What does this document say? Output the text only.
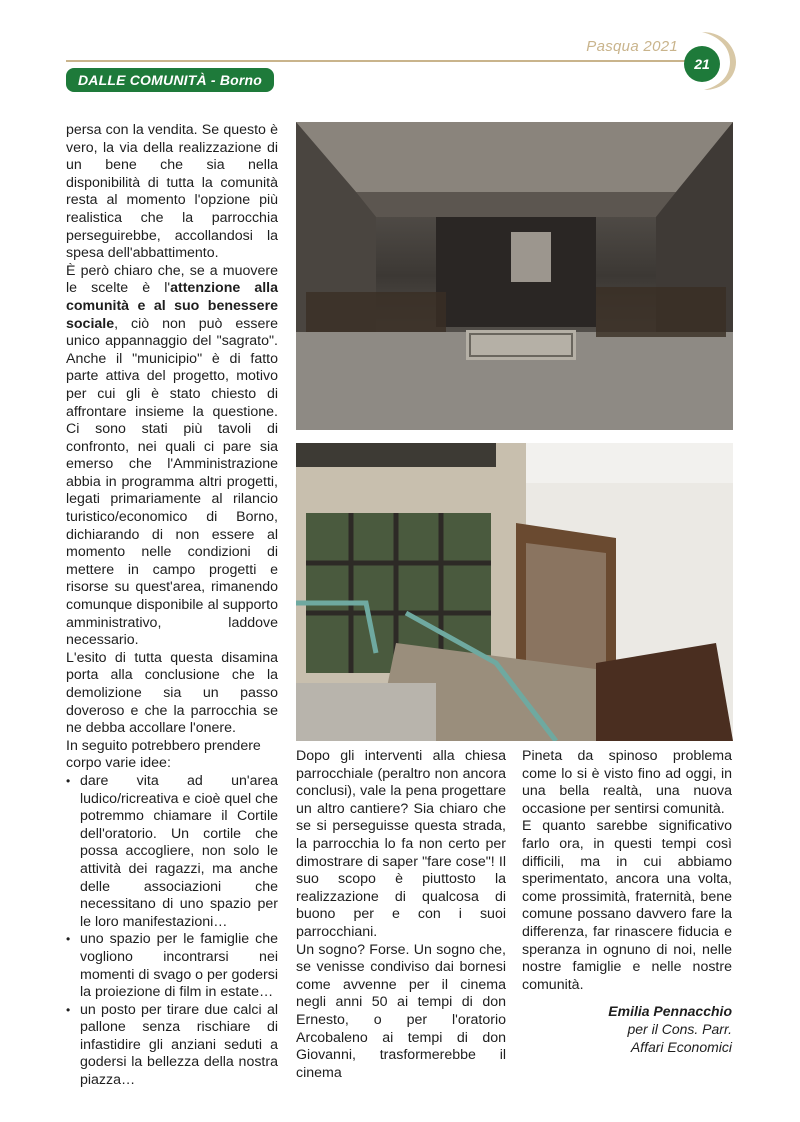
Pasqua 2021
21
DALLE COMUNITÀ - Borno

persa con la vendita. Se questo è vero, la via della realizzazione di un bene che sia nella disponibilità di tutta la comunità resta al momento l'opzione più realistica che la parrocchia perseguirebbe, accollandosi la spesa dell'abbattimento.

È però chiaro che, se a muovere le scelte è l'attenzione alla comunità e al suo benessere sociale, ciò non può essere unico appannaggio del "sagrato". Anche il "municipio" è di fatto parte attiva del progetto, motivo per cui gli è stato chiesto di affrontare insieme la questione. Ci sono stati più tavoli di confronto, nei quali ci pare sia emerso che l'Amministrazione abbia in programma altri progetti, legati primariamente al rilancio turistico/economico di Borno, dichiarando di non essere al momento nelle condizioni di mettere in campo progetti e risorse su quest'area, rimanendo comunque disponibile al supporto amministrativo, laddove necessario.

L'esito di tutta questa disamina porta alla conclusione che la demolizione sia un passo doveroso e che la parrocchia se ne debba accollare l'onere.

In seguito potrebbero prendere corpo varie idee:

• dare vita ad un'area ludico/ricreativa e cioè quel che potremmo chiamare il Cortile dell'oratorio. Un cortile che possa accogliere, non solo le attività dei ragazzi, ma anche delle associazioni che necessitano di uno spazio per le loro manifestazioni…
• uno spazio per le famiglie che vogliono incontrarsi nei momenti di svago o per godersi la proiezione di film in estate…
• un posto per tirare due calci al pallone senza rischiare di infastidire gli anziani seduti a godersi la bellezza della nostra piazza…

Dopo gli interventi alla chiesa parrocchiale (peraltro non ancora conclusi), vale la pena progettare un altro cantiere? Sia chiaro che se si perseguisse questa strada, la parrocchia lo fa non certo per dimostrare di saper "fare cose"! Il suo scopo è piuttosto la realizzazione di qualcosa di buono per e con i suoi parrocchiani.

Un sogno? Forse. Un sogno che, se venisse condiviso dai bornesi come avvenne per il cinema negli anni 50 ai tempi di don Ernesto, o per l'oratorio Arcobaleno ai tempi di don Giovanni, trasformerebbe il cinema

Pineta da spinoso problema come lo si è visto fino ad oggi, in una bella realtà, una nuova occasione per sentirsi comunità.

E quanto sarebbe significativo farlo ora, in questi tempi così difficili, ma in cui abbiamo sperimentato, ancora una volta, come prossimità, fraternità, bene comune possano davvero fare la differenza, far rinascere fiducia e speranza in ognuno di noi, nelle nostre famiglie e nelle nostre comunità.

Emilia Pennacchio
per il Cons. Parr.
Affari Economici
